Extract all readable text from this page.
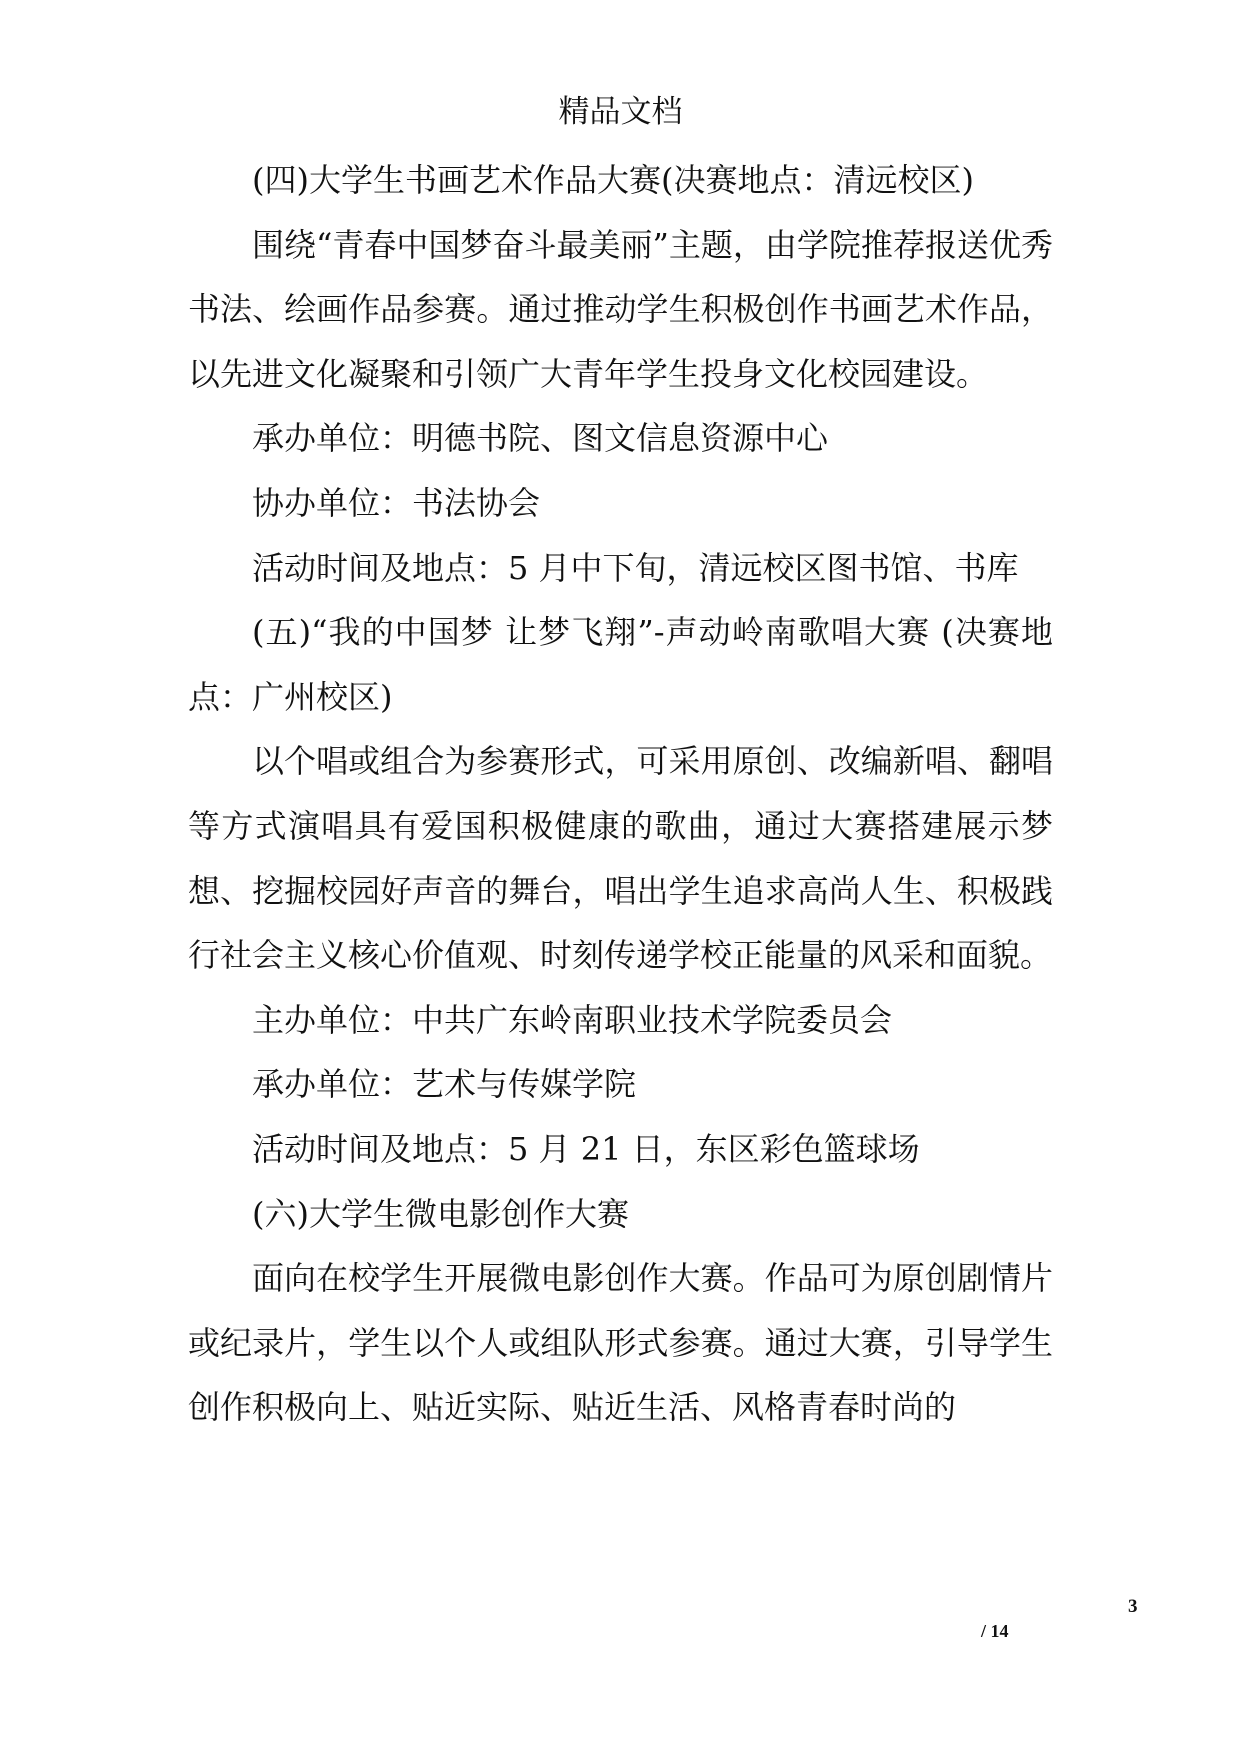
精品文档

(四)大学生书画艺术作品大赛(决赛地点：清远校区)

围绕“青春中国梦奋斗最美丽”主题，由学院推荐报送优秀书法、绘画作品参赛。通过推动学生积极创作书画艺术作品，以先进文化凝聚和引领广大青年学生投身文化校园建设。

承办单位：明德书院、图文信息资源中心

协办单位：书法协会

活动时间及地点：5 月中下旬，清远校区图书馆、书库

(五)“我的中国梦 让梦飞翔”-声动岭南歌唱大赛 (决赛地点：广州校区)

以个唱或组合为参赛形式，可采用原创、改编新唱、翻唱等方式演唱具有爱国积极健康的歌曲，通过大赛搭建展示梦想、挖掘校园好声音的舞台，唱出学生追求高尚人生、积极践行社会主义核心价值观、时刻传递学校正能量的风采和面貌。

主办单位：中共广东岭南职业技术学院委员会

承办单位：艺术与传媒学院

活动时间及地点：5 月 21 日，东区彩色篮球场

(六)大学生微电影创作大赛

面向在校学生开展微电影创作大赛。作品可为原创剧情片或纪录片，学生以个人或组队形式参赛。通过大赛，引导学生创作积极向上、贴近实际、贴近生活、风格青春时尚的

3
/ 14
